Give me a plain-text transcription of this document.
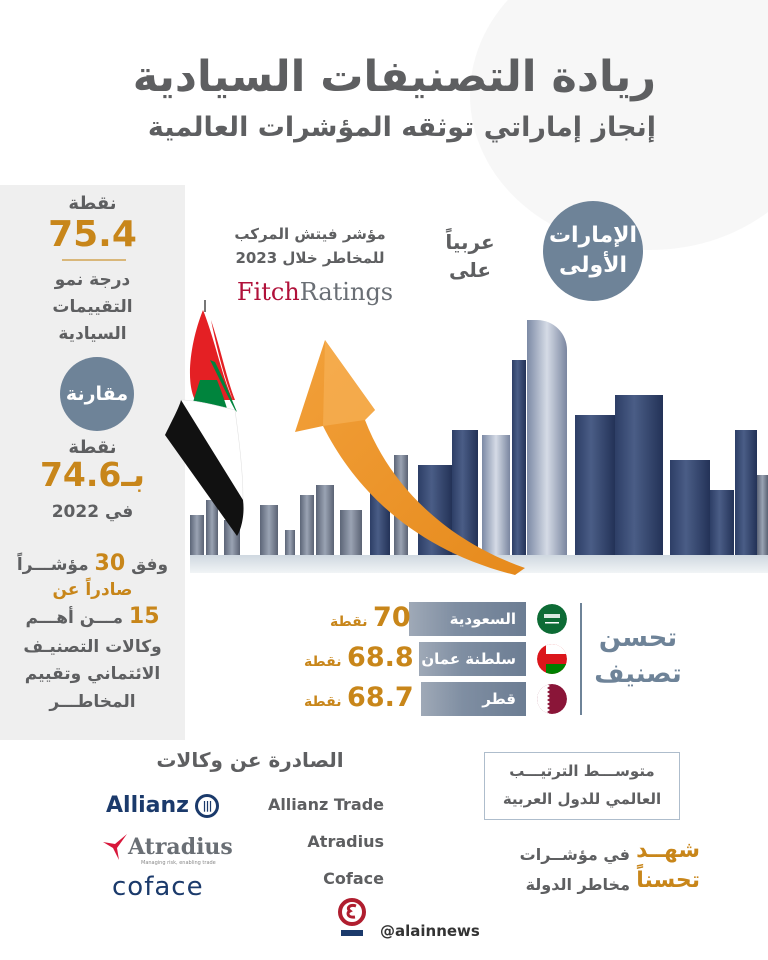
ريادة التصنيفات السيادية
إنجاز إماراتي توثقه المؤشرات العالمية
نقطة
75.4
درجة نمو
التقييمات
السيادية
مقارنة
نقطة
بـ74.6
في 2022
وفق 30 مؤشـــراً
صادراً عن
15 مـــن أهـــم
وكالات التصنيـف
الائتماني وتقييم
المخاطـــر
الإمارات
الأولى
عربياً
على
مؤشر فيتش المركب
للمخاطر خلال 2023
FitchRatings
تحسن
تصنيف
السعودية
70 نقطة
سلطنة عمان
68.8 نقطة
قطر
68.7 نقطة
متوســـط الترتيـــب
العالمي للدول العربية
شهــد
تحسناً
في مؤشــرات
مخاطر الدولة
الصادرة عن وكالات
Allianz Trade
Atradius
Coface
Allianz	|||
Atradius
Managing risk, enabling trade
coface
@alainnews
